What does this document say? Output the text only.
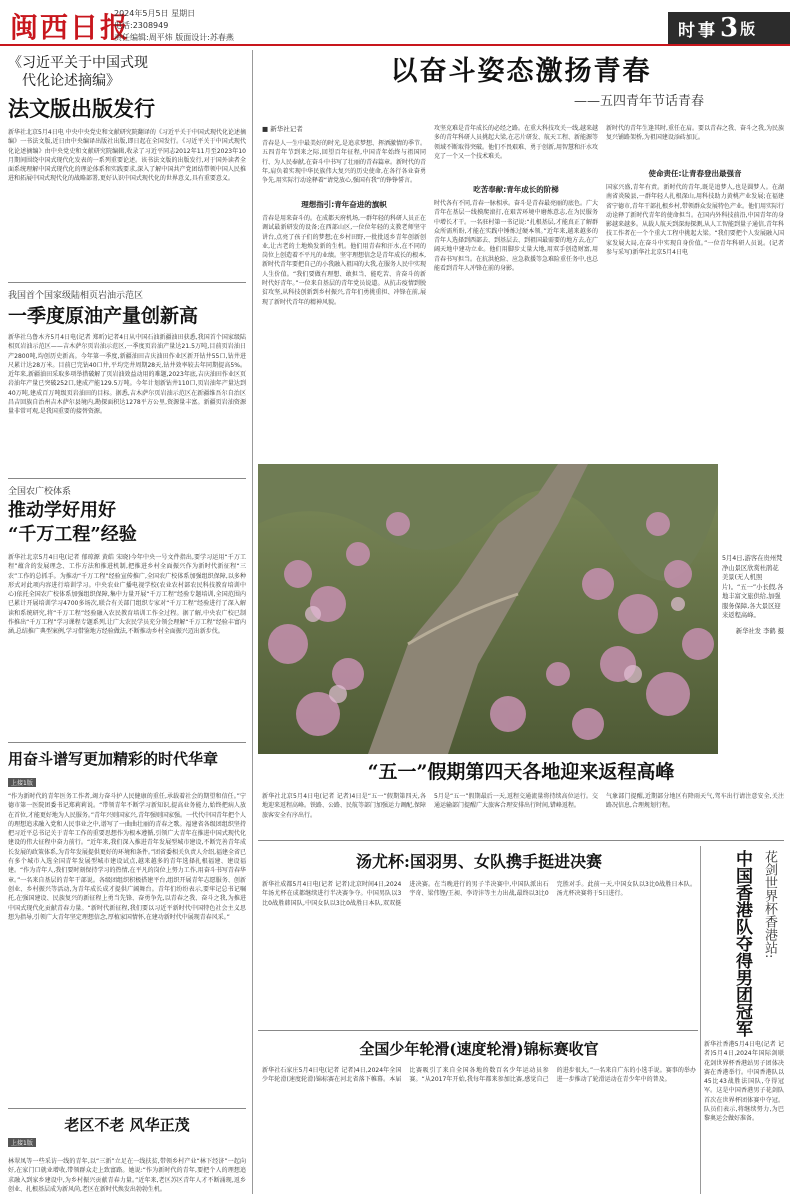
闽西日报
2024年5月5日 星期日
电话:2308949
责任编辑:周平炜 版面设计:苏春燕	时事 3 版
《习近平关于中国式现
代化论述摘编》
法文版出版发行
新华社北京5月4日电 中央中央党史和文献研究院翻译的《习近平关于中国式现代化论述摘编》一书法文版,近日由中央编译出版社出版,即日起在全国发行。《习近平关于中国式现代化论述摘编》由中央党史和文献研究院编辑,收录了习近平同志2012年11月至2023年10月期间围绕中国式现代化发表的一系列重要论述。该书法文版的出版发行,对于国外读者全面系统理解中国式现代化的理论体系和实践要求,深入了解中国共产党团结带领中国人民推进和拓展中国式现代化的战略部署,更好认识中国式现代化的世界意义,具有重要意义。
我国首个国家级陆相页岩油示范区
一季度原油产量创新高
新华社乌鲁木齐5月4日电(记者 郑昕)记者4日从中国石油新疆油田获悉,我国首个国家级陆相页岩油示范区——吉木萨尔页岩油示范区,一季度页岩油产量达21.5万吨,目前页岩油日产2800吨,均创历史新高。今年第一季度,新疆油田吉庆油田作业区新开钻井55口,钻井进尺累计达28万米。目前已完钻40口井,平均完井周期28天,钻井效率较去年同期提高5%。近年来,新疆油田采取多项举措破解了页岩油效益动用的难题,2023年底,吉庆油田作业区页岩油年产量已突破252口,建成产能129.5万吨。今年计划新钻井110口,页岩油年产量达到40万吨,建成百万吨级页岩油田的目标。据悉,吉木萨尔页岩油示范区在新疆维吾尔自治区昌吉回族自治州吉木萨尔县境内,勘探面积达1278平方公里,资源量丰富。新疆页岩油资源量非常可观,是我国重要的接替资源。
全国农广校体系
推动学好用好
“千万工程”经验
新华社北京5月4日电(记者 郁琼源 黄皓 宋晓)今年中央一号文件指出,要学习运用“千万工程”蕴含的发展理念、工作方法和推进机制,把推进乡村全面振兴作为新时代新征程“三农”工作的总抓手。为推动“千万工程”经验宣传推广,全国农广校体系加强组织保障,以多种形式对此项内容进行培训学习。中央农业广播电视学校(农业农村部农民科技教育培训中心)依托全国农广校体系加强组织保障,集中力量开展“千万工程”经验专题培训,全国范围内已累计开展培训学习4700多场次,联合有关部门组织专家对“千万工程”经验进行了深入解读和系统研究,将“千万工程”经验融入农民教育培训工作全过程。据了解,中央农广校已制作推出“千万工程”学习课程专题系列,让广大农民学员充分领会理解“千万工程”经验丰富内涵,总结推广典型案例,学习借鉴地方经验做法,不断推动乡村全面振兴迈出新步伐。
用奋斗谱写更加精彩的时代华章
上接1版
“作为新时代的青年医务工作者,竭力奋斗护人民健康的重任,承载着社会的期望和信任。”宁德市第一医院团委书记郑莉莉说。“带领青年不断学习新知识,提高业务能力,始终把病人放在首位,才能更好地为人民服务。”青年兴则国家兴,青年强则国家强。一代代中国青年把个人的理想追求融入党和人民事业之中,谱写了一曲曲壮丽的青春之歌。福建省各级团组织坚持把习近平总书记关于青年工作的重要思想作为根本遵循,引领广大青年在推进中国式现代化建设的伟大征程中奋力前行。“近年来,我们深入推进青年发展型城市建设,不断完善青年成长发展的政策体系,为青年发展提供更好的环境和条件。”团省委相关负责人介绍,福建全省已有多个城市入选全国青年发展型城市建设试点,越来越多的青年选择扎根福建、建设福建。“作为青年人,我们要时刻保持学习的热情,在平凡的岗位上努力工作,用奋斗书写青春华章。”一名来自基层的青年干部说。各级团组织积极搭建平台,组织开展青年志愿服务、创新创业、乡村振兴等活动,为青年成长成才提供广阔舞台。青年们纷纷表示,要牢记总书记嘱托,在强国建设、民族复兴的新征程上勇当先锋、奋勇争先,以青春之我、奋斗之我,为推进中国式现代化贡献青春力量。“新时代新征程,我们要以习近平新时代中国特色社会主义思想为指导,引领广大青年坚定理想信念,厚植家国情怀,在建功新时代中展现青春风采。”
老区不老 风华正茂
上接1版
林翠凤等一些采访一线的青年,以“三新”立足在一线扶贫,带领乡村产业“林下经济”一起向好,在家门口就业增收,带领群众走上致富路。她说:“作为新时代的青年,要把个人的理想追求融入到家乡建设中,为乡村振兴贡献青春力量。”近年来,老区苏区青年人才不断涌现,返乡创业、扎根基层成为新风尚,老区在新时代焕发出勃勃生机。
以奋斗姿态激扬青春
——五四青年节话青春
■ 新华社记者
青春是人一生中最美好的时光,是追求梦想、挥洒激情的季节。五四青年节到来之际,回望百年征程,中国青年始终与祖国同行、为人民奉献,在奋斗中书写了壮丽的青春篇章。新时代的青年,肩负着实现中华民族伟大复兴的历史使命,在各行各业奋勇争先,用实际行动诠释着“请党放心,强国有我”的铮铮誓言。
理想指引:青年奋进的旗帜
青春是用来奋斗的。在成都天府机场,一群年轻的科研人员正在调试最新研发的设备;在西部山区,一位位年轻的支教老师坚守讲台,点亮了孩子们的梦想;在乡村田野,一批批返乡青年创新创业,让古老的土地焕发新的生机。他们用青春和汗水,在不同的岗位上创造着不平凡的业绩。坚守理想信念是青年成长的根本,新时代青年要把自己的小我融入祖国的大我,在服务人民中实现人生价值。“我们要做有理想、敢担当、能吃苦、肯奋斗的新时代好青年。”一位来自基层的青年党员说道。从抗击疫情到脱贫攻坚,从科技创新到乡村振兴,青年们勇挑重担、冲锋在前,展现了新时代青年的精神风貌。
攻坚克难是青年成长的必经之路。在重大科技攻关一线,越来越多的青年科研人员挑起大梁,在芯片研发、航天工程、新能源等领域不断取得突破。他们不畏艰难、勇于创新,用智慧和汗水攻克了一个又一个技术难关。
吃苦奉献:青年成长的阶梯
时代各有不同,青春一脉相承。奋斗是青春最亮丽的底色。广大青年在基层一线摸爬滚打,在艰苦环境中磨炼意志,在为民服务中增长才干。一名驻村第一书记说:“扎根基层,才能真正了解群众所需所盼,才能在实践中锤炼过硬本领。”近年来,越来越多的青年人选择到西部去、到基层去、到祖国最需要的地方去,在广阔天地中建功立业。他们用脚步丈量大地,用双手创造财富,用青春书写担当。在抗洪抢险、应急救援等急难险重任务中,也总能看到青年人冲锋在前的身影。
新时代的青年生逢其时,重任在肩。要以青春之我、奋斗之我,为民族复兴铺路架桥,为祖国建设添砖加瓦。
使命责任:让青春登出最强音
国家兴盛,青年有责。新时代的青年,既是追梦人,也是圆梦人。在湖南省炎陵县,一群年轻人扎根深山,用科技助力黄桃产业发展;在福建省宁德市,青年干部扎根乡村,带领群众发展特色产业。他们用实际行动诠释了新时代青年的使命担当。在国内外科技前沿,中国青年的身影越来越多。从载人航天到深海探测,从人工智能到量子通信,青年科技工作者在一个个重大工程中挑起大梁。“我们要把个人发展融入国家发展大局,在奋斗中实现自身价值。”一位青年科研人员说。(记者 参与采写)新华社北京5月4日电
5月4日,游客在贵州梵净山景区欣赏杜鹃花美景(无人机照片)。“五一”小长假,各地丰富文旅供给,加强服务保障,各大景区迎来返程高峰。
新华社发 李鹤 摄
“五一”假期第四天各地迎来返程高峰
新华社北京5月4日电(记者 记者)4日是“五一”假期第四天,各地迎来返程高峰。铁路、公路、民航等部门加强运力调配,保障旅客安全有序出行。
5月是“五一”假期最后一天,返程交通流量将持续高位运行。交通运输部门提醒广大旅客合理安排出行时间,错峰返程。
气象部门提醒,近期部分地区有降雨天气,驾车出行请注意安全,关注路况信息,合理规划行程。
汤尤杯:国羽男、女队携手挺进决赛
新华社成都5月4日电(记者 记者)北京时间4日,2024年汤尤杯在成都继续进行半决赛争夺。中国男队以3比0战胜韩国队,中国女队以3比0战胜日本队,双双挺进决赛。在当晚进行的男子半决赛中,中国队派出石宇奇、梁伟铿/王昶、李诗沣等主力出战,最终以3比0完胜对手。此前一天,中国女队以3比0战胜日本队。汤尤杯决赛将于5日进行。
全国少年轮滑(速度轮滑)锦标赛收官
新华社石家庄5月4日电(记者 记者)4日,2024年全国少年轮滑(速度轮滑)锦标赛在河北省落下帷幕。本届比赛吸引了来自全国各地的数百名少年运动员参赛。“从2017年开始,我每年都来参加比赛,感觉自己的进步很大。”一名来自广东的小选手说。赛事的举办进一步推动了轮滑运动在青少年中的普及。
花剑世界杯香港站:
中国香港队夺得男团冠军
新华社香港5月4日电(记者 记者)5月4日,2024年国际剑联花剑世界杯香港站男子团体决赛在香港举行。中国香港队以45比43战胜法国队,夺得冠军。这是中国香港男子花剑队首次在世界杯团体赛中夺冠。队员们表示,将继续努力,为巴黎奥运会做好准备。
